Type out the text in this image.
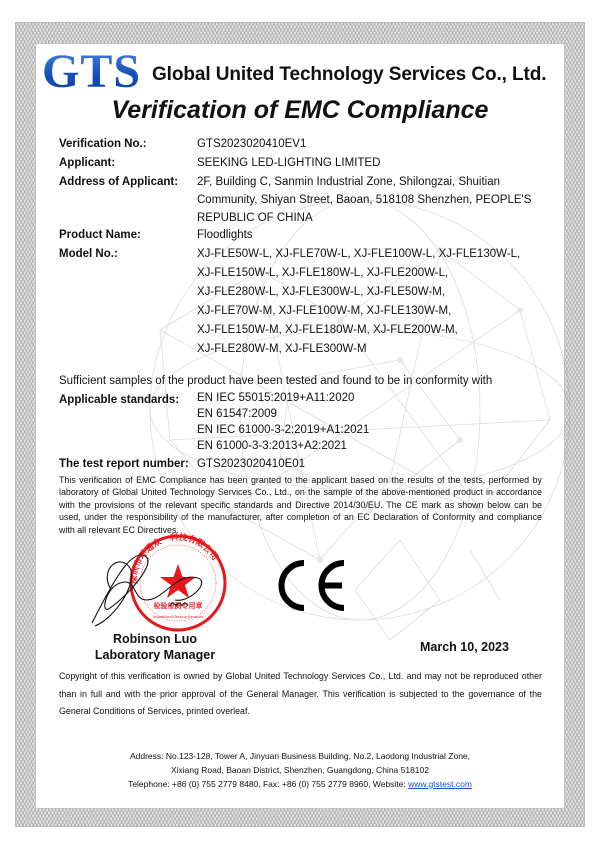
GTS Global United Technology Services Co., Ltd.
Verification of EMC Compliance
Verification No.:	GTS2023020410EV1
Applicant:	SEEKING LED-LIGHTING LIMITED
Address of Applicant: 2F, Building C, Sanmin Industrial Zone, Shilongzai, Shuitian
Community, Shiyan Street, Baoan, 518108 Shenzhen, PEOPLE'S
REPUBLIC OF CHINA
Product Name:	Floodlights
Model No.:	XJ-FLE50W-L, XJ-FLE70W-L, XJ-FLE100W-L, XJ-FLE130W-L,
XJ-FLE150W-L, XJ-FLE180W-L, XJ-FLE200W-L,
XJ-FLE280W-L, XJ-FLE300W-L, XJ-FLE50W-M,
XJ-FLE70W-M, XJ-FLE100W-M, XJ-FLE130W-M,
XJ-FLE150W-M, XJ-FLE180W-M, XJ-FLE200W-M,
XJ-FLE280W-M, XJ-FLE300W-M
Sufficient samples of the product have been tested and found to be in conformity with
Applicable standards: EN IEC 55015:2019+A11:2020
EN 61547:2009
EN IEC 61000-3-2:2019+A1:2021
EN 61000-3-3:2013+A2:2021
The test report number: GTS2023020410E01
This verification of EMC Compliance has been granted to the applicant based on the results of the tests, performed by laboratory of Global United Technology Services Co., Ltd., on the sample of the above-mentioned product in accordance with the provisions of the relevant specific standards and Directive 2014/30/EU. The CE mark as shown below can be used, under the responsibility of the manufacturer, after completion of an EC Declaration of Conformity and compliance with all relevant EC Directives.
检验检测专用章
Inspection&Testing Services
深圳市环通众一科技有限公司
Robinson Luo
Laboratory Manager
CE
March 10, 2023
Copyright of this verification is owned by Global United Technology Services Co., Ltd. and may not be reproduced other than in full and with the prior approval of the General Manager. This verification is subjected to the governance of the General Conditions of Services, printed overleaf.
Address: No.123-128, Tower A, Jinyuan Business Building, No.2, Laodong Industrial Zone,
Xixiang Road, Baoan District, Shenzhen, Guangdong, China 518102
Telephone: +86 (0) 755 2779 8480, Fax: +86 (0) 755 2779 8960, Website: www.gtstest.com
